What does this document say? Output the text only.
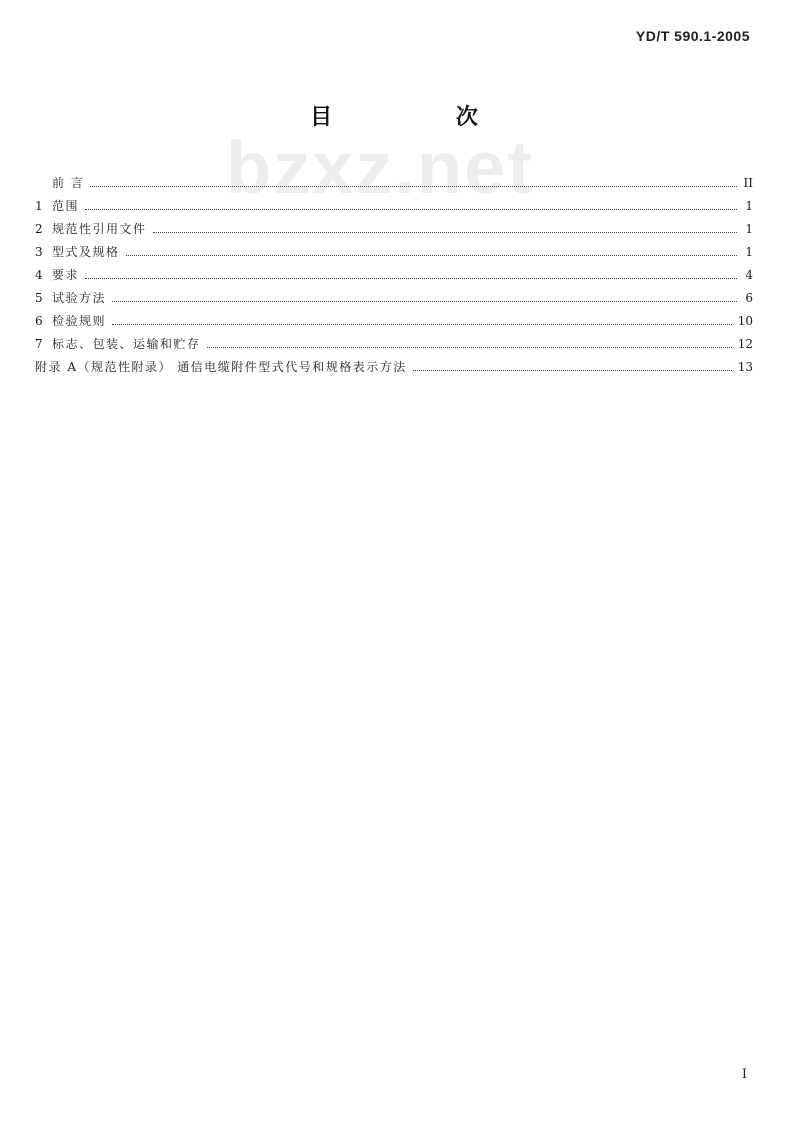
YD/T 590.1-2005
bzxz.net
目 次
前 言	II
1 范围	1
2 规范性引用文件	1
3 型式及规格	1
4 要求	4
5 试验方法	6
6 检验规则	10
7 标志、包装、运输和贮存	12
附录 A（规范性附录） 通信电缆附件型式代号和规格表示方法	13
I
